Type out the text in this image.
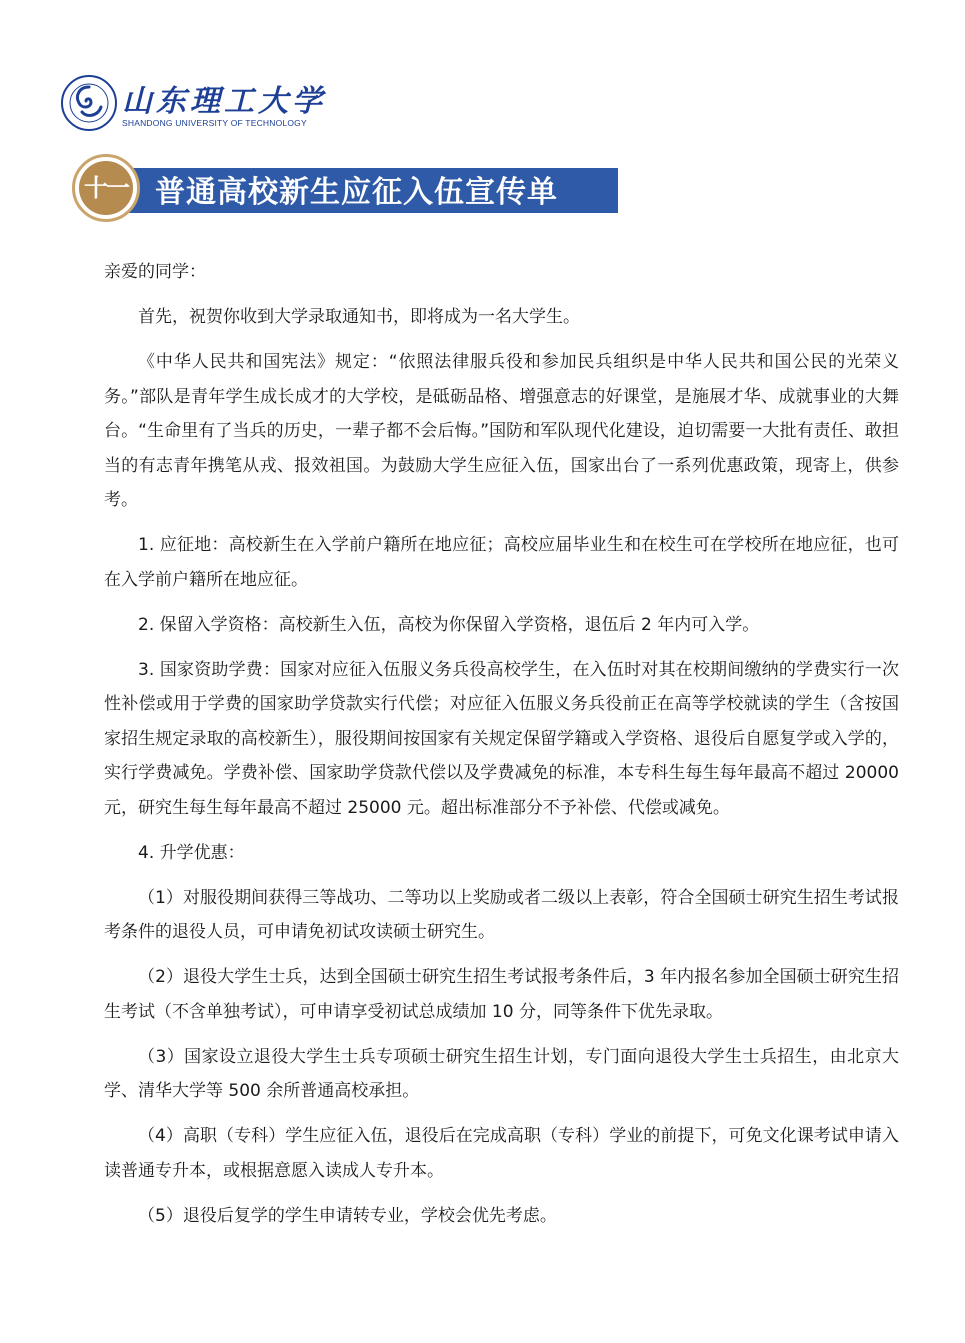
山东理工大学
SHANDONG UNIVERSITY OF TECHNOLOGY
普通高校新生应征入伍宣传单
十一

亲爱的同学：

首先，祝贺你收到大学录取通知书，即将成为一名大学生。

《中华人民共和国宪法》规定：“依照法律服兵役和参加民兵组织是中华人民共和国公民的光荣义务。”部队是青年学生成长成才的大学校，是砥砺品格、增强意志的好课堂，是施展才华、成就事业的大舞台。“生命里有了当兵的历史，一辈子都不会后悔。”国防和军队现代化建设，迫切需要一大批有责任、敢担当的有志青年携笔从戎、报效祖国。为鼓励大学生应征入伍，国家出台了一系列优惠政策，现寄上，供参考。

1. 应征地：高校新生在入学前户籍所在地应征；高校应届毕业生和在校生可在学校所在地应征，也可在入学前户籍所在地应征。

2. 保留入学资格：高校新生入伍，高校为你保留入学资格，退伍后 2 年内可入学。

3. 国家资助学费：国家对应征入伍服义务兵役高校学生，在入伍时对其在校期间缴纳的学费实行一次性补偿或用于学费的国家助学贷款实行代偿；对应征入伍服义务兵役前正在高等学校就读的学生（含按国家招生规定录取的高校新生），服役期间按国家有关规定保留学籍或入学资格、退役后自愿复学或入学的，实行学费减免。学费补偿、国家助学贷款代偿以及学费减免的标准，本专科生每生每年最高不超过 20000 元，研究生每生每年最高不超过 25000 元。超出标准部分不予补偿、代偿或减免。

4. 升学优惠：

（1）对服役期间获得三等战功、二等功以上奖励或者二级以上表彰，符合全国硕士研究生招生考试报考条件的退役人员，可申请免初试攻读硕士研究生。

（2）退役大学生士兵，达到全国硕士研究生招生考试报考条件后，3 年内报名参加全国硕士研究生招生考试（不含单独考试），可申请享受初试总成绩加 10 分，同等条件下优先录取。

（3）国家设立退役大学生士兵专项硕士研究生招生计划，专门面向退役大学生士兵招生，由北京大学、清华大学等 500 余所普通高校承担。

（4）高职（专科）学生应征入伍，退役后在完成高职（专科）学业的前提下，可免文化课考试申请入读普通专升本，或根据意愿入读成人专升本。

（5）退役后复学的学生申请转专业，学校会优先考虑。
